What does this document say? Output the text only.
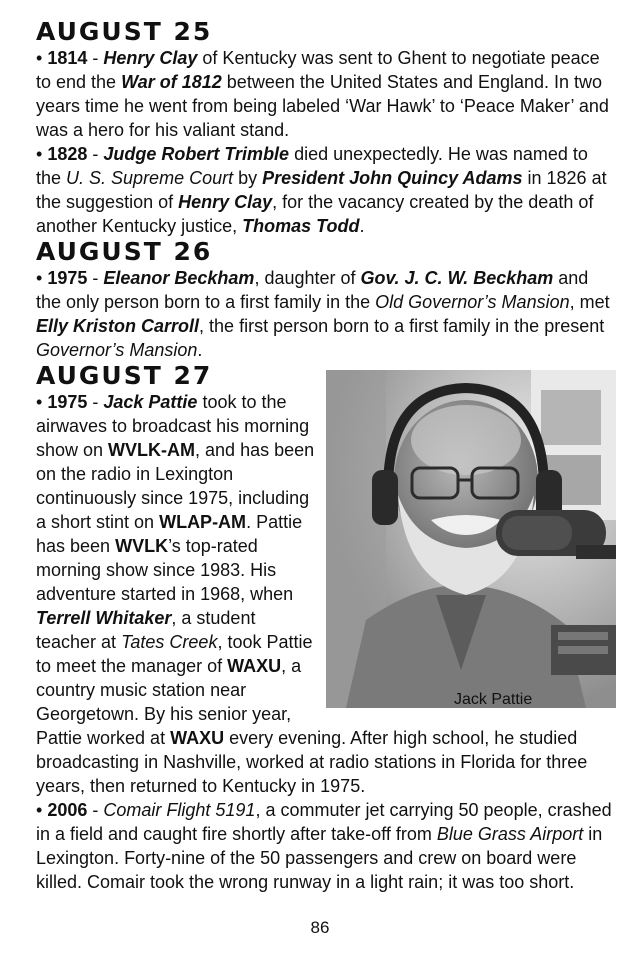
AUGUST 25

• 1814 - Henry Clay of Kentucky was sent to Ghent to negotiate peace to end the War of 1812 between the United States and England. In two years time he went from being labeled ‘War Hawk’ to ‘Peace Maker’ and was a hero for his valiant stand.

• 1828 - Judge Robert Trimble died unexpectedly. He was named to the U. S. Supreme Court by President John Quincy Adams in 1826 at the suggestion of Henry Clay, for the vacancy created by the death of another Kentucky justice, Thomas Todd.

AUGUST 26

• 1975 - Eleanor Beckham, daughter of Gov. J. C. W. Beckham and the only person born to a first family in the Old Governor’s Mansion, met Elly Kriston Carroll, the first person born to a first family in the present Governor’s Mansion.

AUGUST 27

• 1975 - Jack Pattie took to the airwaves to broadcast his morning show on WVLK-AM, and has been on the radio in Lexington continuously since 1975, including a short stint on WLAP-AM. Pattie has been WVLK’s top-rated morning show since 1983. His adventure started in 1968, when Terrell Whitaker, a student teacher at Tates Creek, took Pattie to meet the manager of WAXU, a country music station near Georgetown. By his senior year, Pattie worked at WAXU every evening. After high school, he studied broadcasting in Nashville, worked at radio stations in Florida for three years, then returned to Kentucky in 1975.

• 2006 - Comair Flight 5191, a commuter jet carrying 50 people, crashed in a field and caught fire shortly after take-off from Blue Grass Airport in Lexington. Forty-nine of the 50 passengers and crew on board were killed. Comair took the wrong runway in a light rain; it was too short.

Jack Pattie
86
